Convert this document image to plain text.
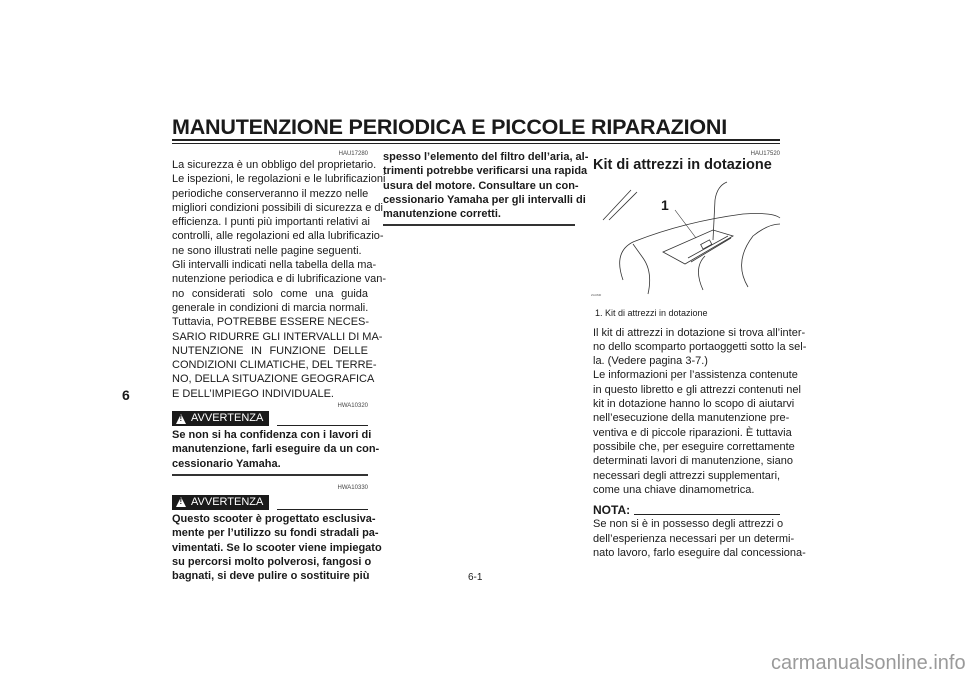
MANUTENZIONE PERIODICA E PICCOLE RIPARAZIONI
6
HAU17280
La sicurezza è un obbligo del proprietario.
Le ispezioni, le regolazioni e le lubrificazioni
periodiche conserveranno il mezzo nelle
migliori condizioni possibili di sicurezza e di
efficienza. I punti più importanti relativi ai
controlli, alle regolazioni ed alla lubrificazio-
ne sono illustrati nelle pagine seguenti.
Gli intervalli indicati nella tabella della ma-
nutenzione periodica e di lubrificazione van-
no considerati solo come una guida
generale in condizioni di marcia normali.
Tuttavia, POTREBBE ESSERE NECES-
SARIO RIDURRE GLI INTERVALLI DI MA-
NUTENZIONE IN FUNZIONE DELLE
CONDIZIONI CLIMATICHE, DEL TERRE-
NO, DELLA SITUAZIONE GEOGRAFICA
E DELL’IMPIEGO INDIVIDUALE.
HWA10320
!
AVVERTENZA
Se non si ha confidenza con i lavori di
manutenzione, farli eseguire da un con-
cessionario Yamaha.
HWA10330
!
AVVERTENZA
Questo scooter è progettato esclusiva-
mente per l’utilizzo su fondi stradali pa-
vimentati. Se lo scooter viene impiegato
su percorsi molto polverosi, fangosi o
bagnati, si deve pulire o sostituire più
spesso l’elemento del filtro dell’aria, al-
trimenti potrebbe verificarsi una rapida
usura del motore. Consultare un con-
cessionario Yamaha per gli intervalli di
manutenzione corretti.
HAU17520
Kit di attrezzi in dotazione
ZAUM0
1
1. Kit di attrezzi in dotazione
Il kit di attrezzi in dotazione si trova all’inter-
no dello scomparto portaoggetti sotto la sel-
la. (Vedere pagina 3-7.)
Le informazioni per l’assistenza contenute
in questo libretto e gli attrezzi contenuti nel
kit in dotazione hanno lo scopo di aiutarvi
nell’esecuzione della manutenzione pre-
ventiva e di piccole riparazioni. È tuttavia
possibile che, per eseguire correttamente
determinati lavori di manutenzione, siano
necessari degli attrezzi supplementari,
come una chiave dinamometrica.
NOTA:
Se non si è in possesso degli attrezzi o
dell’esperienza necessari per un determi-
nato lavoro, farlo eseguire dal concessiona-
6-1
carmanualsonline.info
